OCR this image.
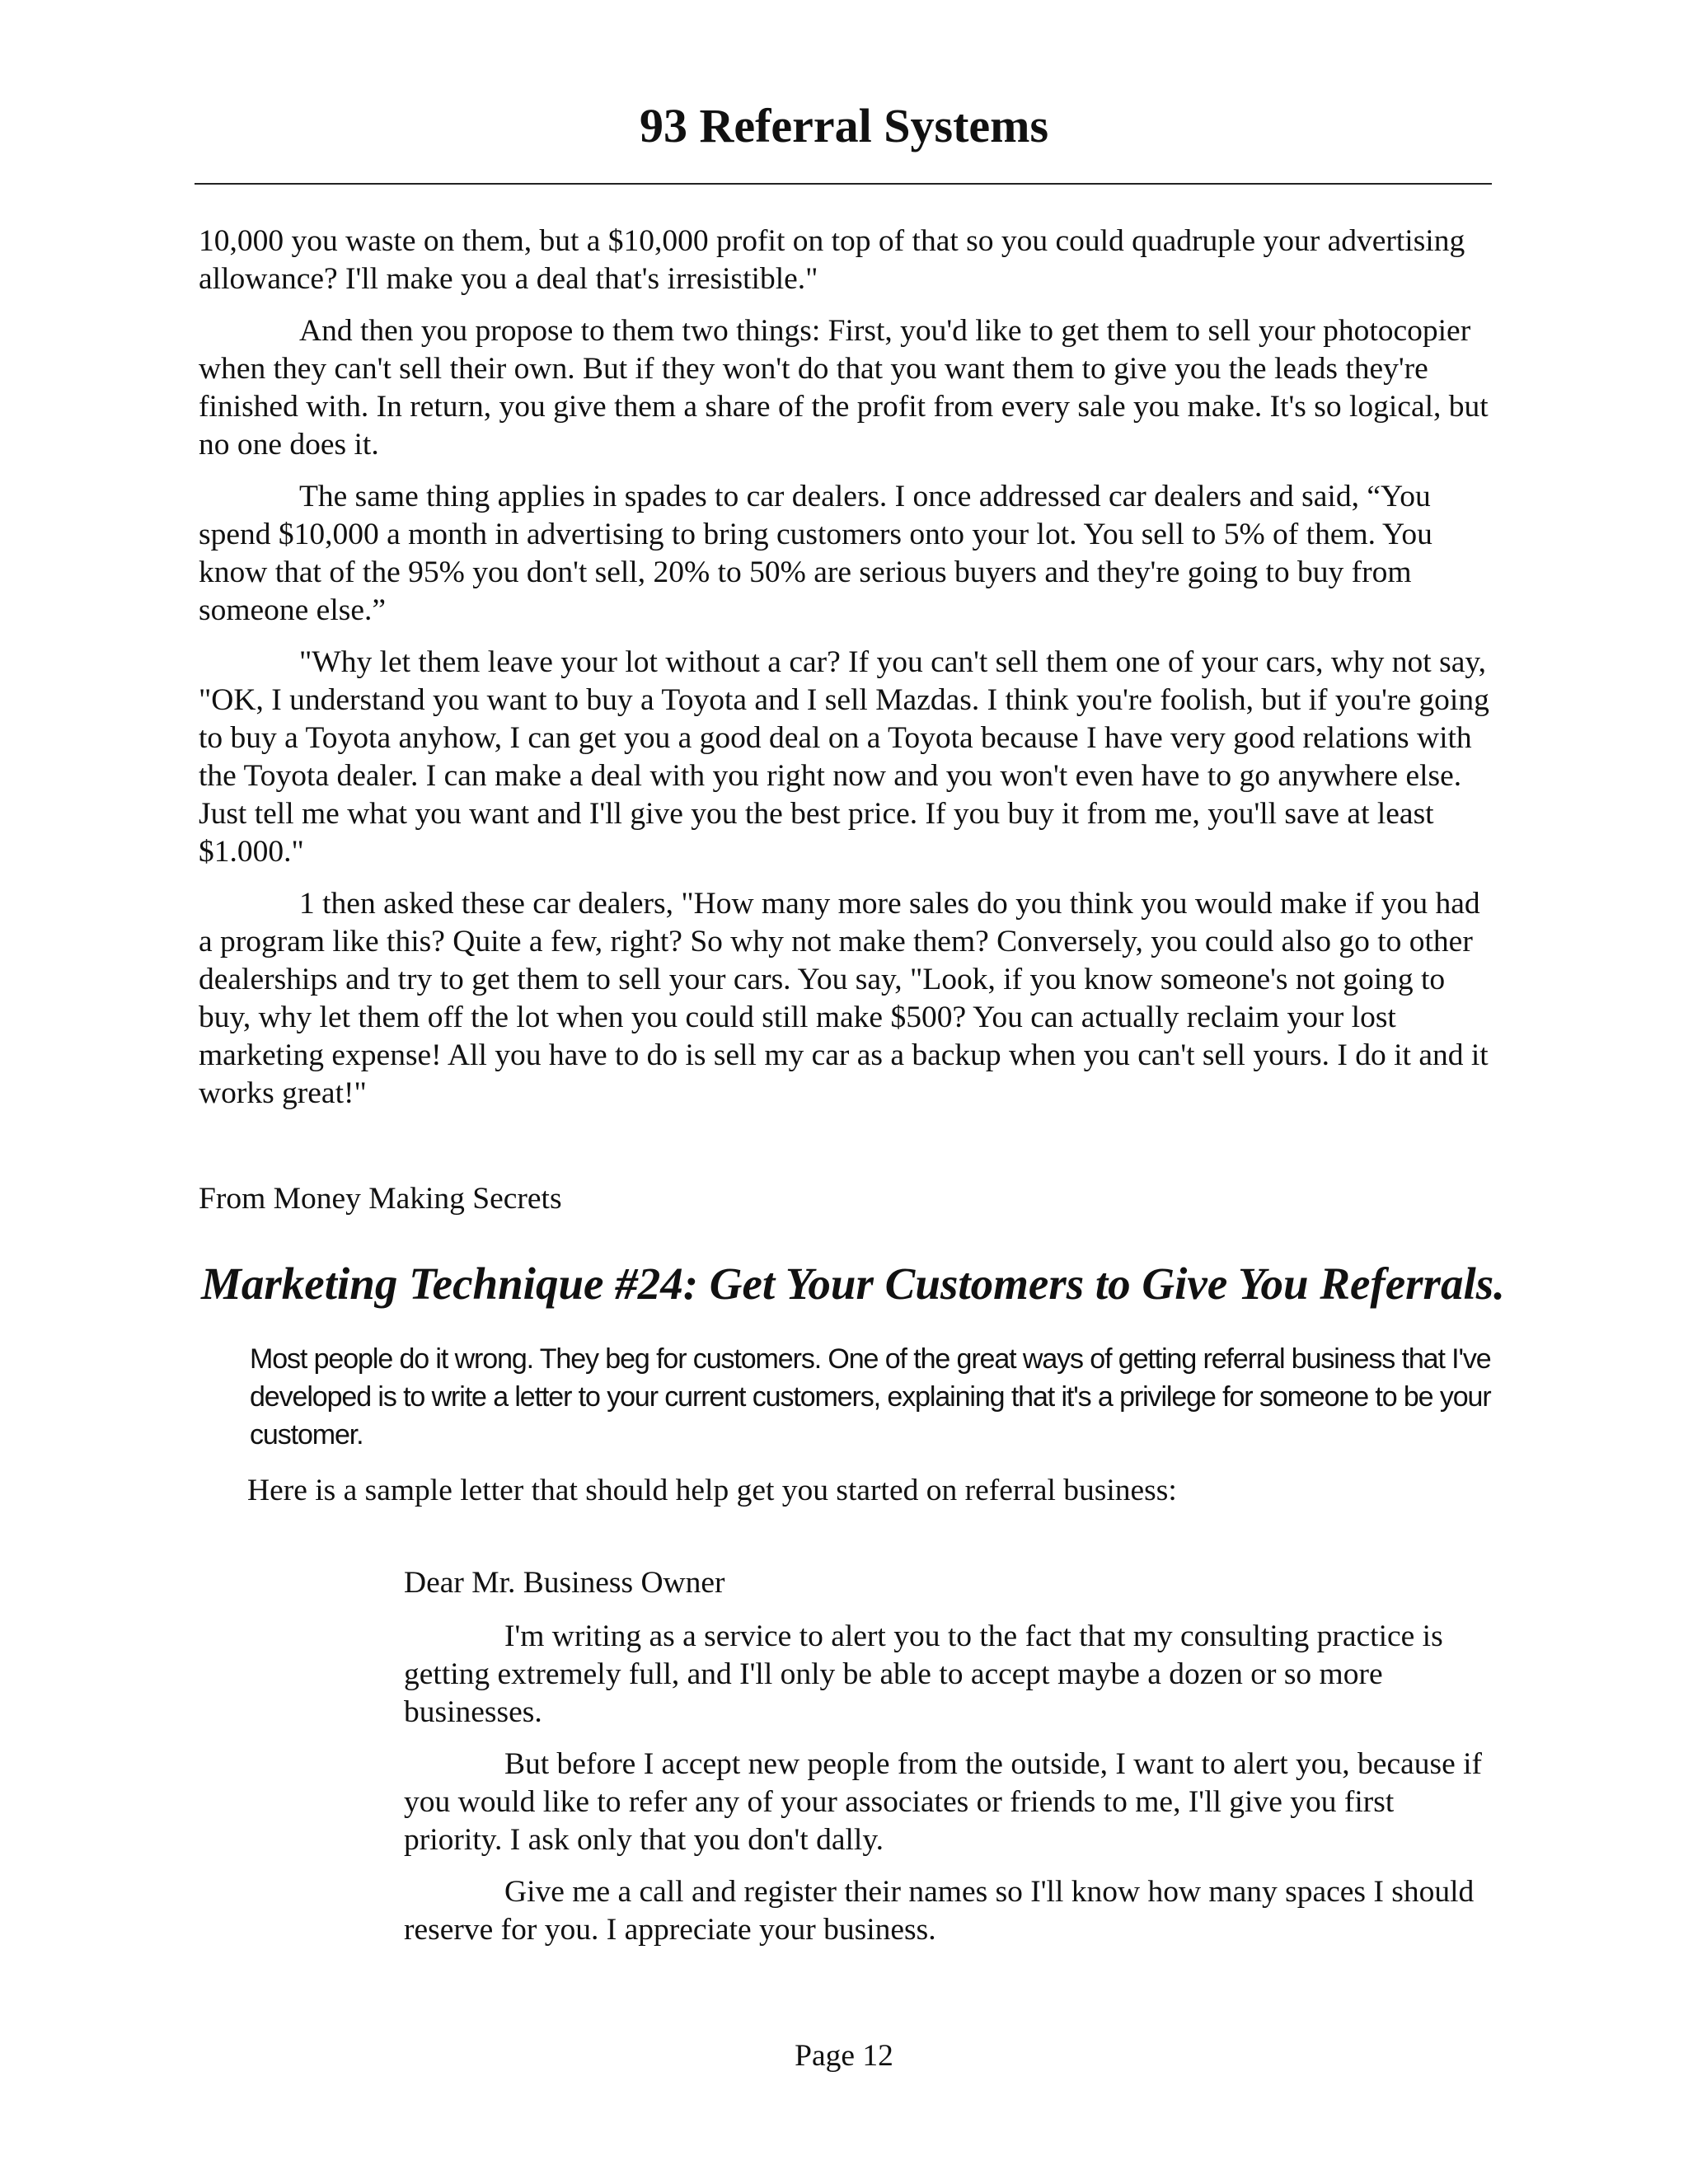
93 Referral Systems

10,000 you waste on them, but a $10,000 profit on top of that so you could quadruple your advertising allowance? I'll make you a deal that's irresistible."

And then you propose to them two things: First, you'd like to get them to sell your photocopier when they can't sell their own. But if they won't do that you want them to give you the leads they're finished with. In return, you give them a share of the profit from every sale you make. It's so logical, but no one does it.

The same thing applies in spades to car dealers. I once addressed car dealers and said, “You spend $10,000 a month in advertising to bring customers onto your lot. You sell to 5% of them. You know that of the 95% you don't sell, 20% to 50% are serious buyers and they're going to buy from someone else.”

"Why let them leave your lot without a car? If you can't sell them one of your cars, why not say, "OK, I understand you want to buy a Toyota and I sell Mazdas. I think you're foolish, but if you're going to buy a Toyota anyhow, I can get you a good deal on a Toyota because I have very good relations with the Toyota dealer. I can make a deal with you right now and you won't even have to go anywhere else. Just tell me what you want and I'll give you the best price. If you buy it from me, you'll save at least $1.000."

1 then asked these car dealers, "How many more sales do you think you would make if you had a program like this? Quite a few, right? So why not make them? Conversely, you could also go to other dealerships and try to get them to sell your cars. You say, "Look, if you know someone's not going to buy, why let them off the lot when you could still make $500? You can actually reclaim your lost marketing expense! All you have to do is sell my car as a backup when you can't sell yours. I do it and it works great!"

From Money Making Secrets
Marketing Technique #24: Get Your Customers to Give You Referrals.

Most people do it wrong. They beg for customers. One of the great ways of getting referral business that I've developed is to write a letter to your current customers, explaining that it's a privilege for someone to be your customer.

Here is a sample letter that should help get you started on referral business:

Dear Mr. Business Owner

I'm writing as a service to alert you to the fact that my consulting practice is getting extremely full, and I'll only be able to accept maybe a dozen or so more businesses.

But before I accept new people from the outside, I want to alert you, because if you would like to refer any of your associates or friends to me, I'll give you first priority. I ask only that you don't dally.

Give me a call and register their names so I'll know how many spaces I should reserve for you. I appreciate your business.

Page 12
